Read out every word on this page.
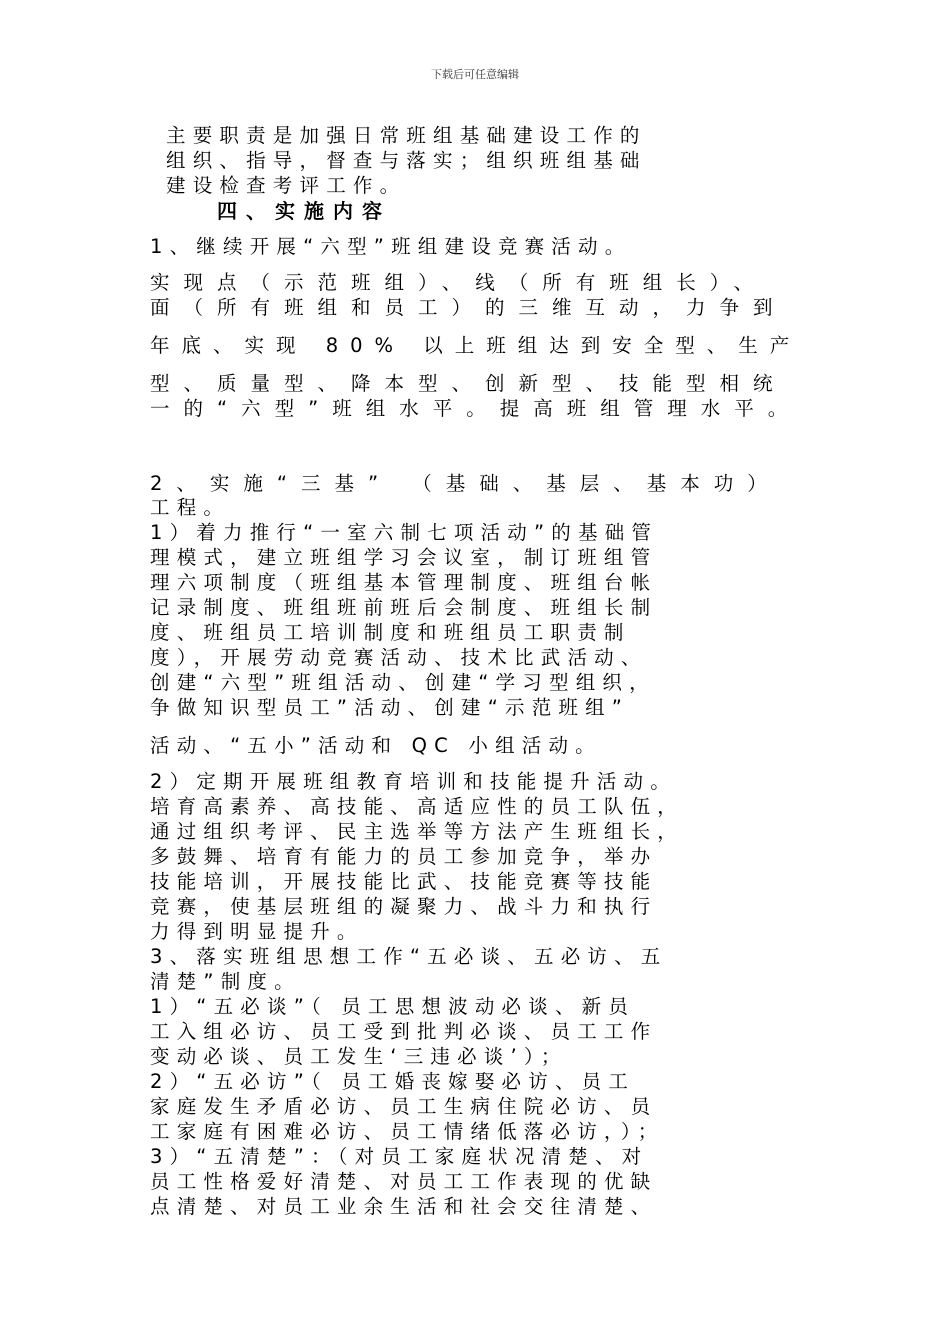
下载后可任意编辑
主要职责是加强日常班组基础建设工作的
组织、指导，督查与落实；组织班组基础
建设检查考评工作。
四、实施内容
1、继续开展“六型”班组建设竞赛活动。
实现点（示范班组）、线（所有班组长）、
面（所有班组和员工）的三维互动，力争到
年底、实现 80% 以上班组达到安全型、生产
型、质量型、降本型、创新型、技能型相统
一的“六型”班组水平。提高班组管理水平。
2、实施“三基” （基础、基层、基本功）
工程。
1）着力推行“一室六制七项活动”的基础管
理模式，建立班组学习会议室，制订班组管
理六项制度（班组基本管理制度、班组台帐
记录制度、班组班前班后会制度、班组长制
度、班组员工培训制度和班组员工职责制
度），开展劳动竞赛活动、技术比武活动、
创建“六型”班组活动、创建“学习型组织，
争做知识型员工”活动、创建“示范班组”
活动、“五小”活动和 QC 小组活动。
2）定期开展班组教育培训和技能提升活动。
培育高素养、高技能、高适应性的员工队伍，
通过组织考评、民主选举等方法产生班组长，
多鼓舞、培育有能力的员工参加竞争，举办
技能培训，开展技能比武、技能竞赛等技能
竞赛，使基层班组的凝聚力、战斗力和执行
力得到明显提升。
3、落实班组思想工作“五必谈、五必访、五
清楚”制度。
1）“五必谈”（ 员工思想波动必谈、新员
工入组必访、员工受到批判必谈、员工工作
变动必谈、员工发生‘三违必谈’）；
2）“五必访”（ 员工婚丧嫁娶必访、员工
家庭发生矛盾必访、员工生病住院必访、员
工家庭有困难必访、员工情绪低落必访，）；
3）“五清楚”：（对员工家庭状况清楚、对
员工性格爱好清楚、对员工工作表现的优缺
点清楚、对员工业余生活和社会交往清楚、
